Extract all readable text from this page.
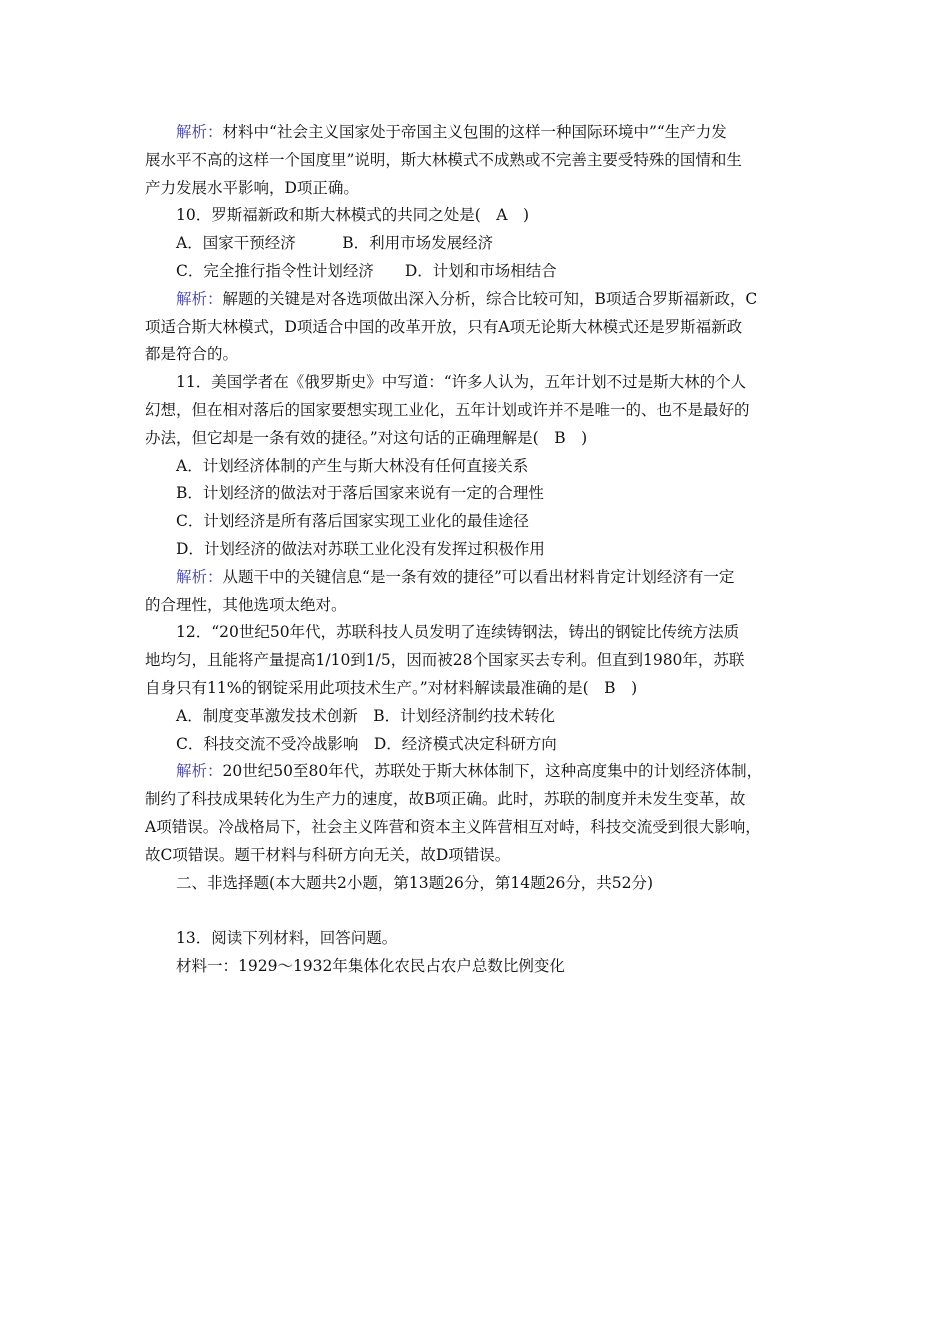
解析：材料中“社会主义国家处于帝国主义包围的这样一种国际环境中”“生产力发
展水平不高的这样一个国度里”说明，斯大林模式不成熟或不完善主要受特殊的国情和生
产力发展水平影响，D项正确。
10．罗斯福新政和斯大林模式的共同之处是(　A　)
A．国家干预经济　　　B．利用市场发展经济
C．完全推行指令性计划经济　　D．计划和市场相结合
解析：解题的关键是对各选项做出深入分析，综合比较可知，B项适合罗斯福新政，C
项适合斯大林模式，D项适合中国的改革开放，只有A项无论斯大林模式还是罗斯福新政
都是符合的。
11．美国学者在《俄罗斯史》中写道：“许多人认为，五年计划不过是斯大林的个人
幻想，但在相对落后的国家要想实现工业化，五年计划或许并不是唯一的、也不是最好的
办法，但它却是一条有效的捷径。”对这句话的正确理解是(　B　)
A．计划经济体制的产生与斯大林没有任何直接关系
B．计划经济的做法对于落后国家来说有一定的合理性
C．计划经济是所有落后国家实现工业化的最佳途径
D．计划经济的做法对苏联工业化没有发挥过积极作用
解析：从题干中的关键信息“是一条有效的捷径”可以看出材料肯定计划经济有一定
的合理性，其他选项太绝对。
12．“20世纪50年代，苏联科技人员发明了连续铸钢法，铸出的钢锭比传统方法质
地均匀，且能将产量提高1/10到1/5，因而被28个国家买去专利。但直到1980年，苏联
自身只有11%的钢锭采用此项技术生产。”对材料解读最准确的是(　B　)
A．制度变革激发技术创新　B．计划经济制约技术转化
C．科技交流不受冷战影响　D．经济模式决定科研方向
解析：20世纪50至80年代，苏联处于斯大林体制下，这种高度集中的计划经济体制，
制约了科技成果转化为生产力的速度，故B项正确。此时，苏联的制度并未发生变革，故
A项错误。冷战格局下，社会主义阵营和资本主义阵营相互对峙，科技交流受到很大影响，
故C项错误。题干材料与科研方向无关，故D项错误。
二、非选择题(本大题共2小题，第13题26分，第14题26分，共52分)
13．阅读下列材料，回答问题。
材料一：1929～1932年集体化农民占农户总数比例变化
